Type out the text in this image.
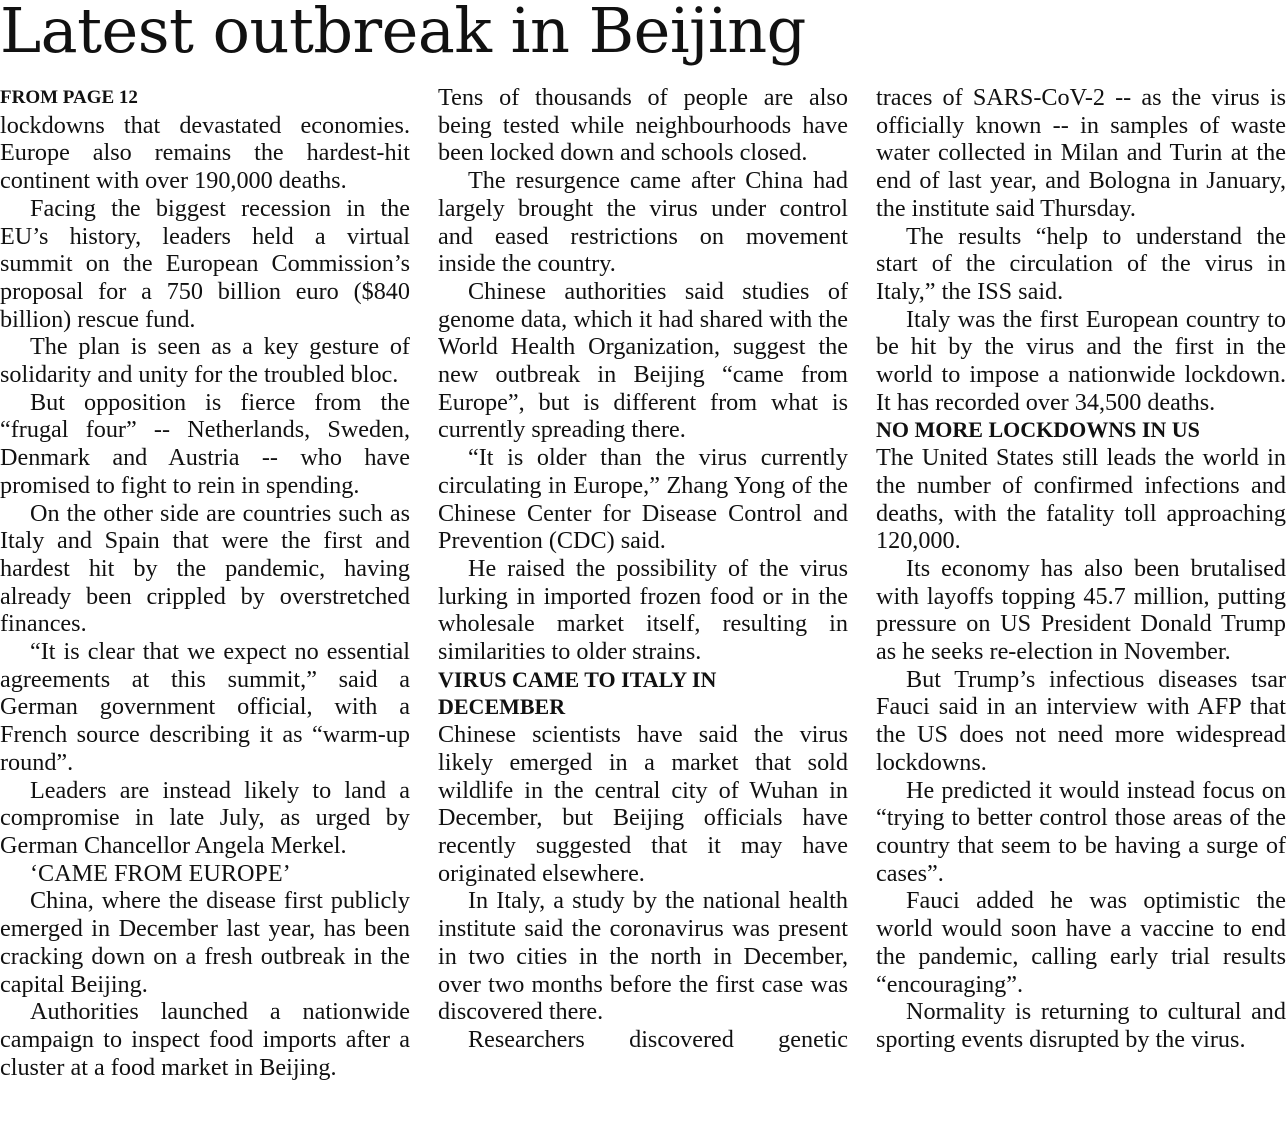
Latest outbreak in Beijing
FROM PAGE 12

lockdowns that devastated economies. Europe also remains the hardest-hit continent with over 190,000 deaths.

Facing the biggest recession in the EU’s history, leaders held a virtual summit on the European Commission’s proposal for a 750 billion euro ($840 billion) rescue fund.

The plan is seen as a key gesture of solidarity and unity for the troubled bloc.

But opposition is fierce from the “frugal four” -- Netherlands, Sweden, Denmark and Austria -- who have promised to fight to rein in spending.

On the other side are countries such as Italy and Spain that were the first and hardest hit by the pandemic, having already been crippled by overstretched finances.

“It is clear that we expect no essential agreements at this summit,” said a German government official, with a French source describing it as “warm-up round”.

Leaders are instead likely to land a compromise in late July, as urged by German Chancellor Angela Merkel.

‘CAME FROM EUROPE’

China, where the disease first publicly emerged in December last year, has been cracking down on a fresh outbreak in the capital Beijing.

Authorities launched a nationwide campaign to inspect food imports after a cluster at a food market in Beijing.

Tens of thousands of people are also being tested while neighbourhoods have been locked down and schools closed.

The resurgence came after China had largely brought the virus under control and eased restrictions on movement inside the country.

Chinese authorities said studies of genome data, which it had shared with the World Health Organization, suggest the new outbreak in Beijing “came from Europe”, but is different from what is currently spreading there.

“It is older than the virus currently circulating in Europe,” Zhang Yong of the Chinese Center for Disease Control and Prevention (CDC) said.

He raised the possibility of the virus lurking in imported frozen food or in the wholesale market itself, resulting in similarities to older strains.

VIRUS CAME TO ITALY IN DECEMBER

Chinese scientists have said the virus likely emerged in a market that sold wildlife in the central city of Wuhan in December, but Beijing officials have recently suggested that it may have originated elsewhere.

In Italy, a study by the national health institute said the coronavirus was present in two cities in the north in December, over two months before the first case was discovered there.

Researchers discovered genetic

traces of SARS-CoV-2 -- as the virus is officially known -- in samples of waste water collected in Milan and Turin at the end of last year, and Bologna in January, the institute said Thursday.

The results “help to understand the start of the circulation of the virus in Italy,” the ISS said.

Italy was the first European country to be hit by the virus and the first in the world to impose a nationwide lockdown. It has recorded over 34,500 deaths.

NO MORE LOCKDOWNS IN US

The United States still leads the world in the number of confirmed infections and deaths, with the fatality toll approaching 120,000.

Its economy has also been brutalised with layoffs topping 45.7 million, putting pressure on US President Donald Trump as he seeks re-election in November.

But Trump’s infectious diseases tsar Fauci said in an interview with AFP that the US does not need more widespread lockdowns.

He predicted it would instead focus on “trying to better control those areas of the country that seem to be having a surge of cases”.

Fauci added he was optimistic the world would soon have a vaccine to end the pandemic, calling early trial results “encouraging”.

Normality is returning to cultural and sporting events disrupted by the virus.
